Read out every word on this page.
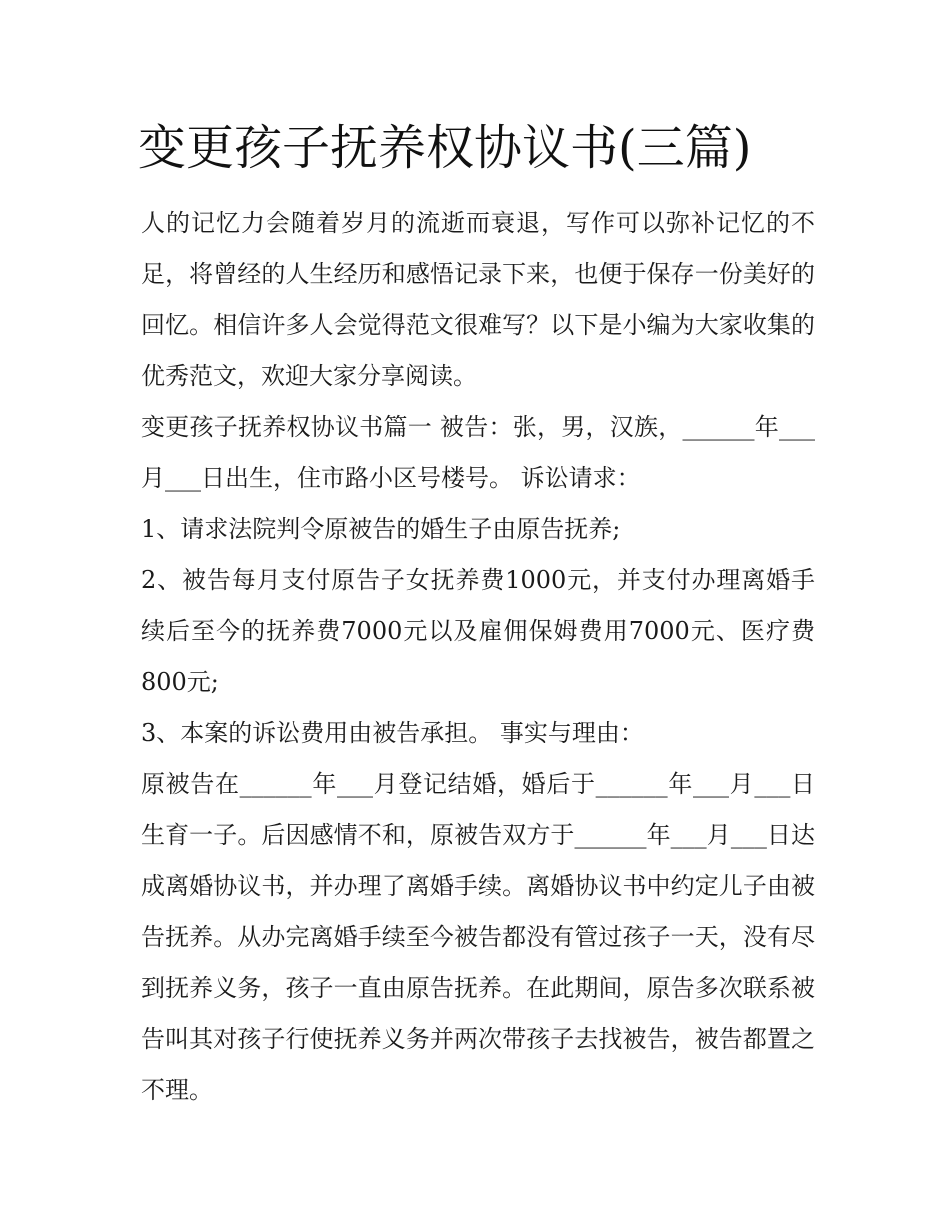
变更孩子抚养权协议书(三篇)

人的记忆力会随着岁月的流逝而衰退，写作可以弥补记忆的不足，将曾经的人生经历和感悟记录下来，也便于保存一份美好的回忆。相信许多人会觉得范文很难写？以下是小编为大家收集的优秀范文，欢迎大家分享阅读。

变更孩子抚养权协议书篇一 被告：张，男，汉族，______年___月___日出生，住市路小区号楼号。 诉讼请求：

1、请求法院判令原被告的婚生子由原告抚养;

2、被告每月支付原告子女抚养费1000元，并支付办理离婚手续后至今的抚养费7000元以及雇佣保姆费用7000元、医疗费800元;

3、本案的诉讼费用由被告承担。 事实与理由：

原被告在______年___月登记结婚，婚后于______年___月___日生育一子。后因感情不和，原被告双方于______年___月___日达成离婚协议书，并办理了离婚手续。离婚协议书中约定儿子由被告抚养。从办完离婚手续至今被告都没有管过孩子一天，没有尽到抚养义务，孩子一直由原告抚养。在此期间，原告多次联系被告叫其对孩子行使抚养义务并两次带孩子去找被告，被告都置之不理。
